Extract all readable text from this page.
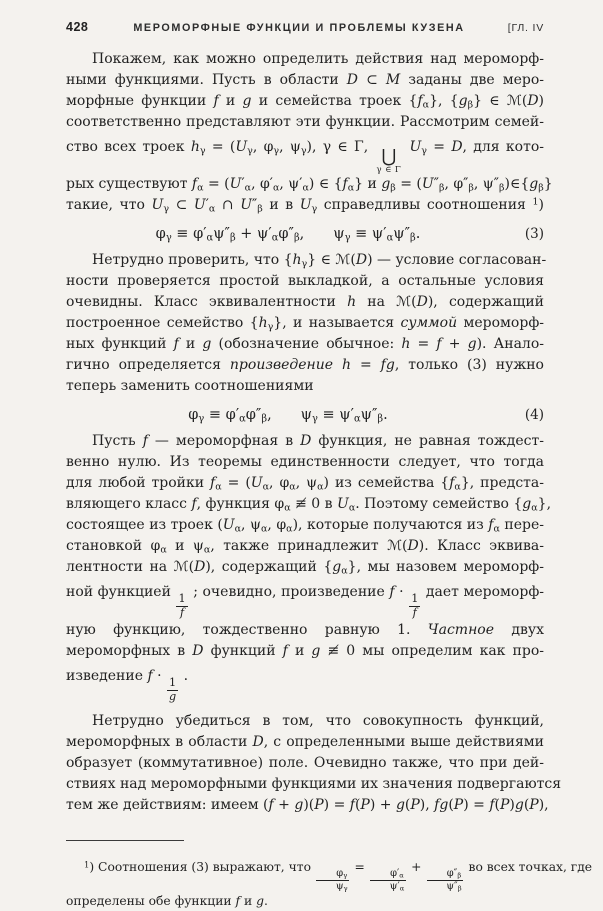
428	МЕРОМОРФНЫЕ ФУНКЦИИ И ПРОБЛЕМЫ КУЗЕНА	[ГЛ. IV
Покажем, как можно определить действия над мероморф-
ными функциями. Пусть в области D ⊂ M заданы две меро-
морфные функции f и g и семейства троек $\{f_\alpha\}$, $\{g_\beta\}$ ∈ ℳ(D)
соответственно представляют эти функции. Рассмотрим семей-
ство всех троек $h_\gamma = (U_\gamma$, $\varphi_\gamma$, $\psi_\gamma$), γ ∈ Γ, ⋃
γ ∈ Γ
$U_\gamma = D$, для кото-
рых существуют $f_\alpha = (U'_\alpha$, $\varphi'_\alpha$, $\psi'_\alpha$) ∈ $\{f_\alpha\}$ и $g_\beta = (U''_\beta$, $\varphi''_\beta$, $\psi''_\beta)\in\{g_\beta\}$
такие, что $U_\gamma$ ⊂ $U'_\alpha$ ∩ $U''_\beta$ и в $U_\gamma$ справедливы соотношения $^1$)
$\varphi_\gamma \equiv \varphi'_\alpha\psi''_\beta + \psi'_\alpha\varphi''_\beta$,  $\psi_\gamma \equiv \psi'_\alpha\psi''_\beta$.	(3)
Нетрудно проверить, что $\{h_\gamma\}$ ∈ ℳ(D) — условие согласован-
ности проверяется простой выкладкой, а остальные условия
очевидны. Класс эквивалентности h на ℳ(D), содержащий
построенное семейство $\{h_\gamma\}$, и называется суммой мероморф-
ных функций f и g (обозначение обычное: h = f + g). Анало-
гично определяется произведение h = fg, только (3) нужно
теперь заменить соотношениями
$\varphi_\gamma \equiv \varphi'_\alpha\varphi''_\beta$,  $\psi_\gamma \equiv \psi'_\alpha\psi''_\beta$.	(4)
Пусть f — мероморфная в D функция, не равная тождест-
венно нулю. Из теоремы единственности следует, что тогда
для любой тройки $f_\alpha = (U_\alpha$, $\varphi_\alpha$, $\psi_\alpha$) из семейства $\{f_\alpha\}$, предста-
вляющего класс f, функция $\varphi_\alpha$ ≢ 0 в $U_\alpha$. Поэтому семейство $\{g_\alpha\}$,
состоящее из троек ($U_\alpha$, $\psi_\alpha$, $\varphi_\alpha$), которые получаются из $f_\alpha$ пере-
становкой $\varphi_\alpha$ и $\psi_\alpha$, также принадлежит ℳ(D). Класс эквива-
лентности на ℳ(D), содержащий $\{g_\alpha\}$, мы назовем мероморф-
ной функцией
$\frac{1}{f}$
; очевидно, произведение f ·
$\frac{1}{f}$
дает мероморф-
ную функцию, тождественно равную 1. Частное двух
мероморфных в D функций f и g ≢ 0 мы определим как про-
изведение f ·
$\frac{1}{g}$
.
Нетрудно убедиться в том, что совокупность функций,
мероморфных в области D, с определенными выше действиями
образует (коммутативное) поле. Очевидно также, что при дей-
ствиях над мероморфными функциями их значения подвергаются
тем же действиям: имеем (f + g)(P) = f(P) + g(P), fg(P) = f(P)g(P),
$^1$) Соотношения (3) выражают, что
$\frac{\varphi_\gamma}{\psi_\gamma}$
=
$\frac{\varphi'_\alpha}{\psi'_\alpha}$
+
$\frac{\varphi''_\beta}{\psi''_\beta}$
во всех точках, где
определены обе функции f и g.
